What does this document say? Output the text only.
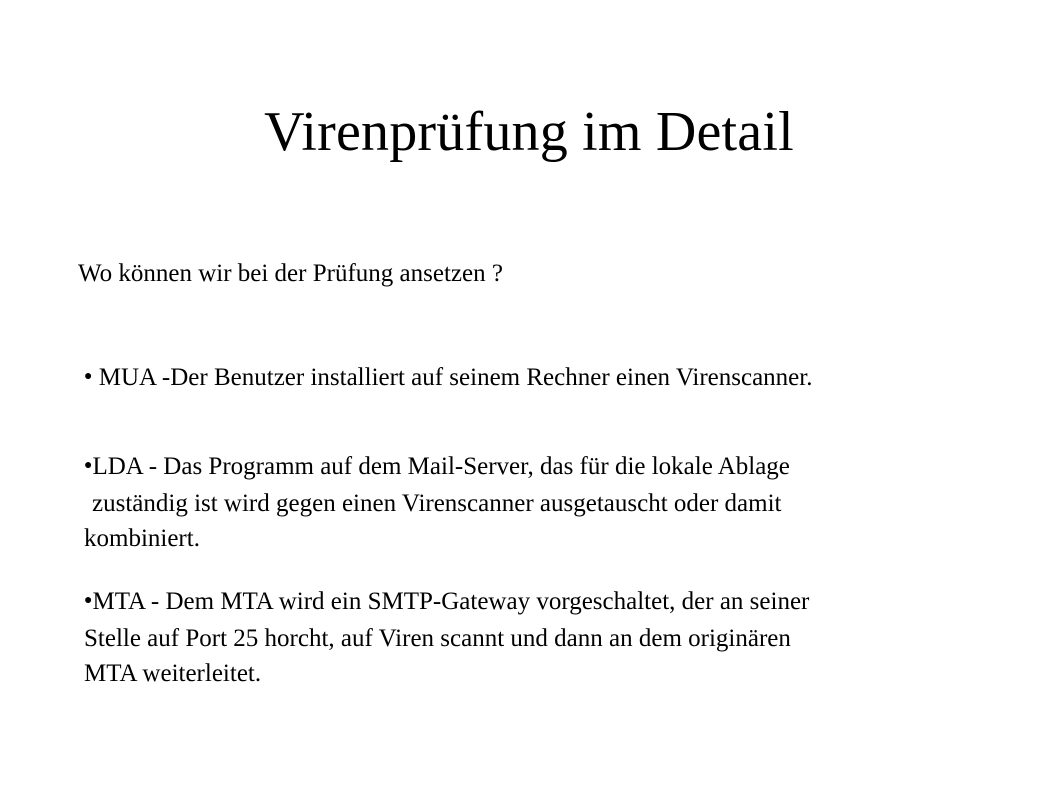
Virenprüfung im Detail
Wo können wir bei der Prüfung ansetzen ?
● MUA -Der Benutzer installiert auf seinem Rechner einen Virenscanner.
●LDA - Das Programm auf dem Mail-Server, das für die lokale Ablage
zuständig ist wird gegen einen Virenscanner ausgetauscht oder damit
kombiniert.
●MTA - Dem MTA wird ein SMTP-Gateway vorgeschaltet, der an seiner
Stelle auf Port 25 horcht, auf Viren scannt und dann an dem originären
MTA weiterleitet.
